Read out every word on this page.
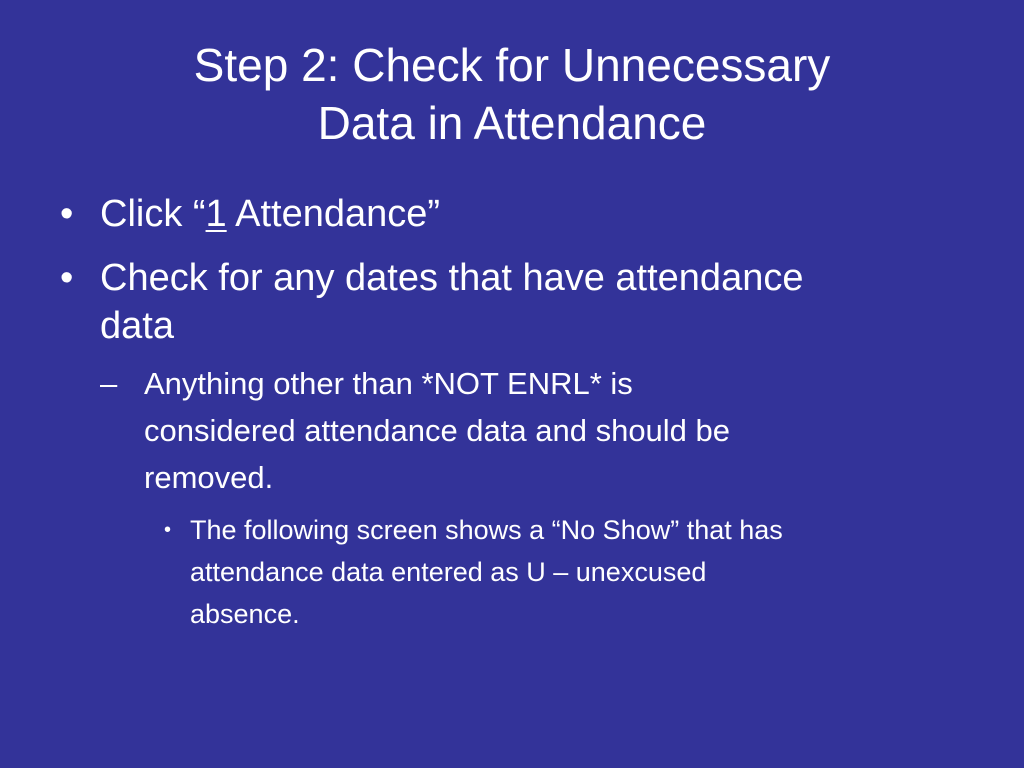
Step 2: Check for Unnecessary
Data in Attendance
• Click “1 Attendance”
• Check for any dates that have attendance
data
– Anything other than *NOT ENRL* is
considered attendance data and should be
removed.
• The following screen shows a “No Show” that has
attendance data entered as U – unexcused
absence.
